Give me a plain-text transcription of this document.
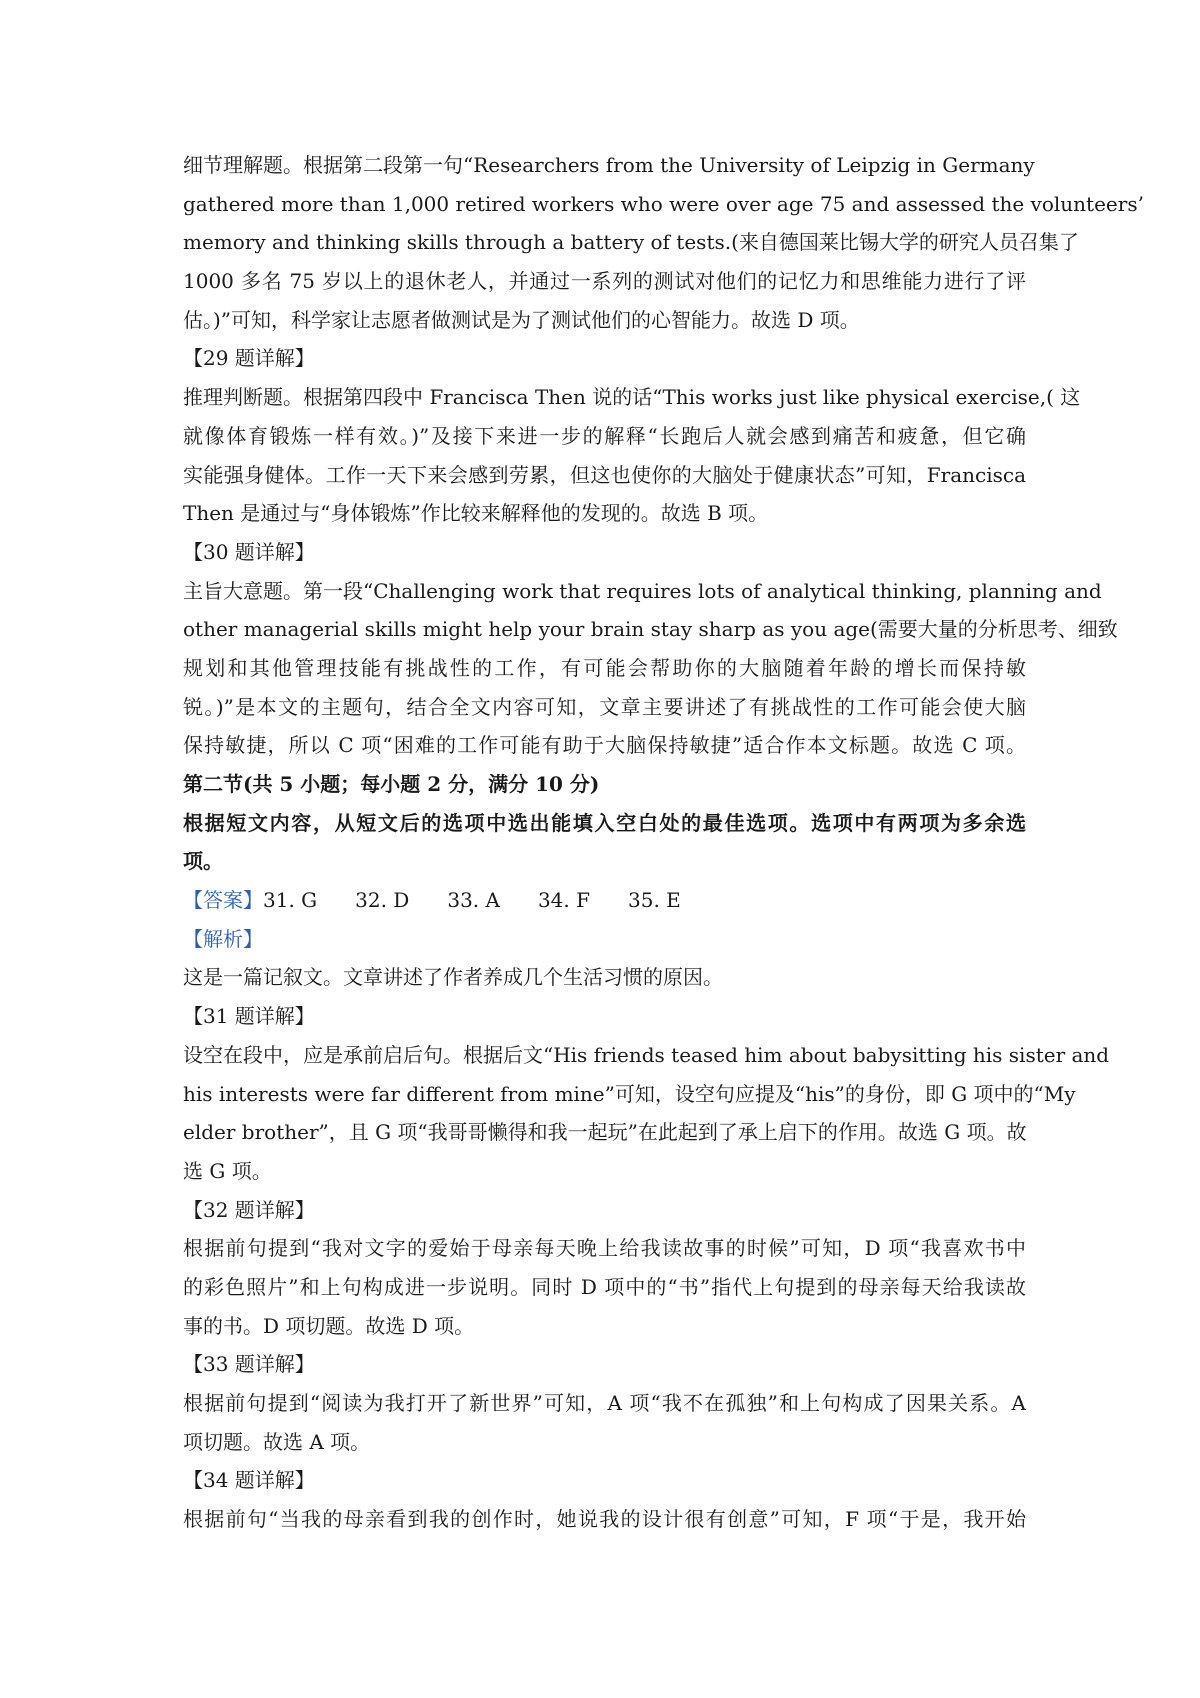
细节理解题。根据第二段第一句“Researchers from the University of Leipzig in Germany
gathered more than 1,000 retired workers who were over age 75 and assessed the volunteers’
memory and thinking skills through a battery of tests.(来自德国莱比锡大学的研究人员召集了
1000 多名 75 岁以上的退休老人，并通过一系列的测试对他们的记忆力和思维能力进行了评
估。)”可知，科学家让志愿者做测试是为了测试他们的心智能力。故选 D 项。
【29 题详解】
推理判断题。根据第四段中 Francisca Then 说的话“This works just like physical exercise,( 这
就像体育锻炼一样有效。)”及接下来进一步的解释“长跑后人就会感到痛苦和疲惫，但它确
实能强身健体。工作一天下来会感到劳累，但这也使你的大脑处于健康状态”可知，Francisca
Then 是通过与“身体锻炼”作比较来解释他的发现的。故选 B 项。
【30 题详解】
主旨大意题。第一段“Challenging work that requires lots of analytical thinking, planning and
other managerial skills might help your brain stay sharp as you age(需要大量的分析思考、细致
规划和其他管理技能有挑战性的工作，有可能会帮助你的大脑随着年龄的增长而保持敏
锐。)”是本文的主题句，结合全文内容可知，文章主要讲述了有挑战性的工作可能会使大脑
保持敏捷，所以 C 项“困难的工作可能有助于大脑保持敏捷”适合作本文标题。故选 C 项。
第二节(共 5 小题；每小题 2 分，满分 10 分)
根据短文内容，从短文后的选项中选出能填入空白处的最佳选项。选项中有两项为多余选
项。
【答案】31. G 32. D 33. A 34. F 35. E
【解析】
这是一篇记叙文。文章讲述了作者养成几个生活习惯的原因。
【31 题详解】
设空在段中，应是承前启后句。根据后文“His friends teased him about babysitting his sister and
his interests were far different from mine”可知，设空句应提及“his”的身份，即 G 项中的“My
elder brother”，且 G 项“我哥哥懒得和我一起玩”在此起到了承上启下的作用。故选 G 项。故
选 G 项。
【32 题详解】
根据前句提到“我对文字的爱始于母亲每天晚上给我读故事的时候”可知，D 项“我喜欢书中
的彩色照片”和上句构成进一步说明。同时 D 项中的“书”指代上句提到的母亲每天给我读故
事的书。D 项切题。故选 D 项。
【33 题详解】
根据前句提到“阅读为我打开了新世界”可知，A 项“我不在孤独”和上句构成了因果关系。A
项切题。故选 A 项。
【34 题详解】
根据前句“当我的母亲看到我的创作时，她说我的设计很有创意”可知，F 项“于是，我开始
